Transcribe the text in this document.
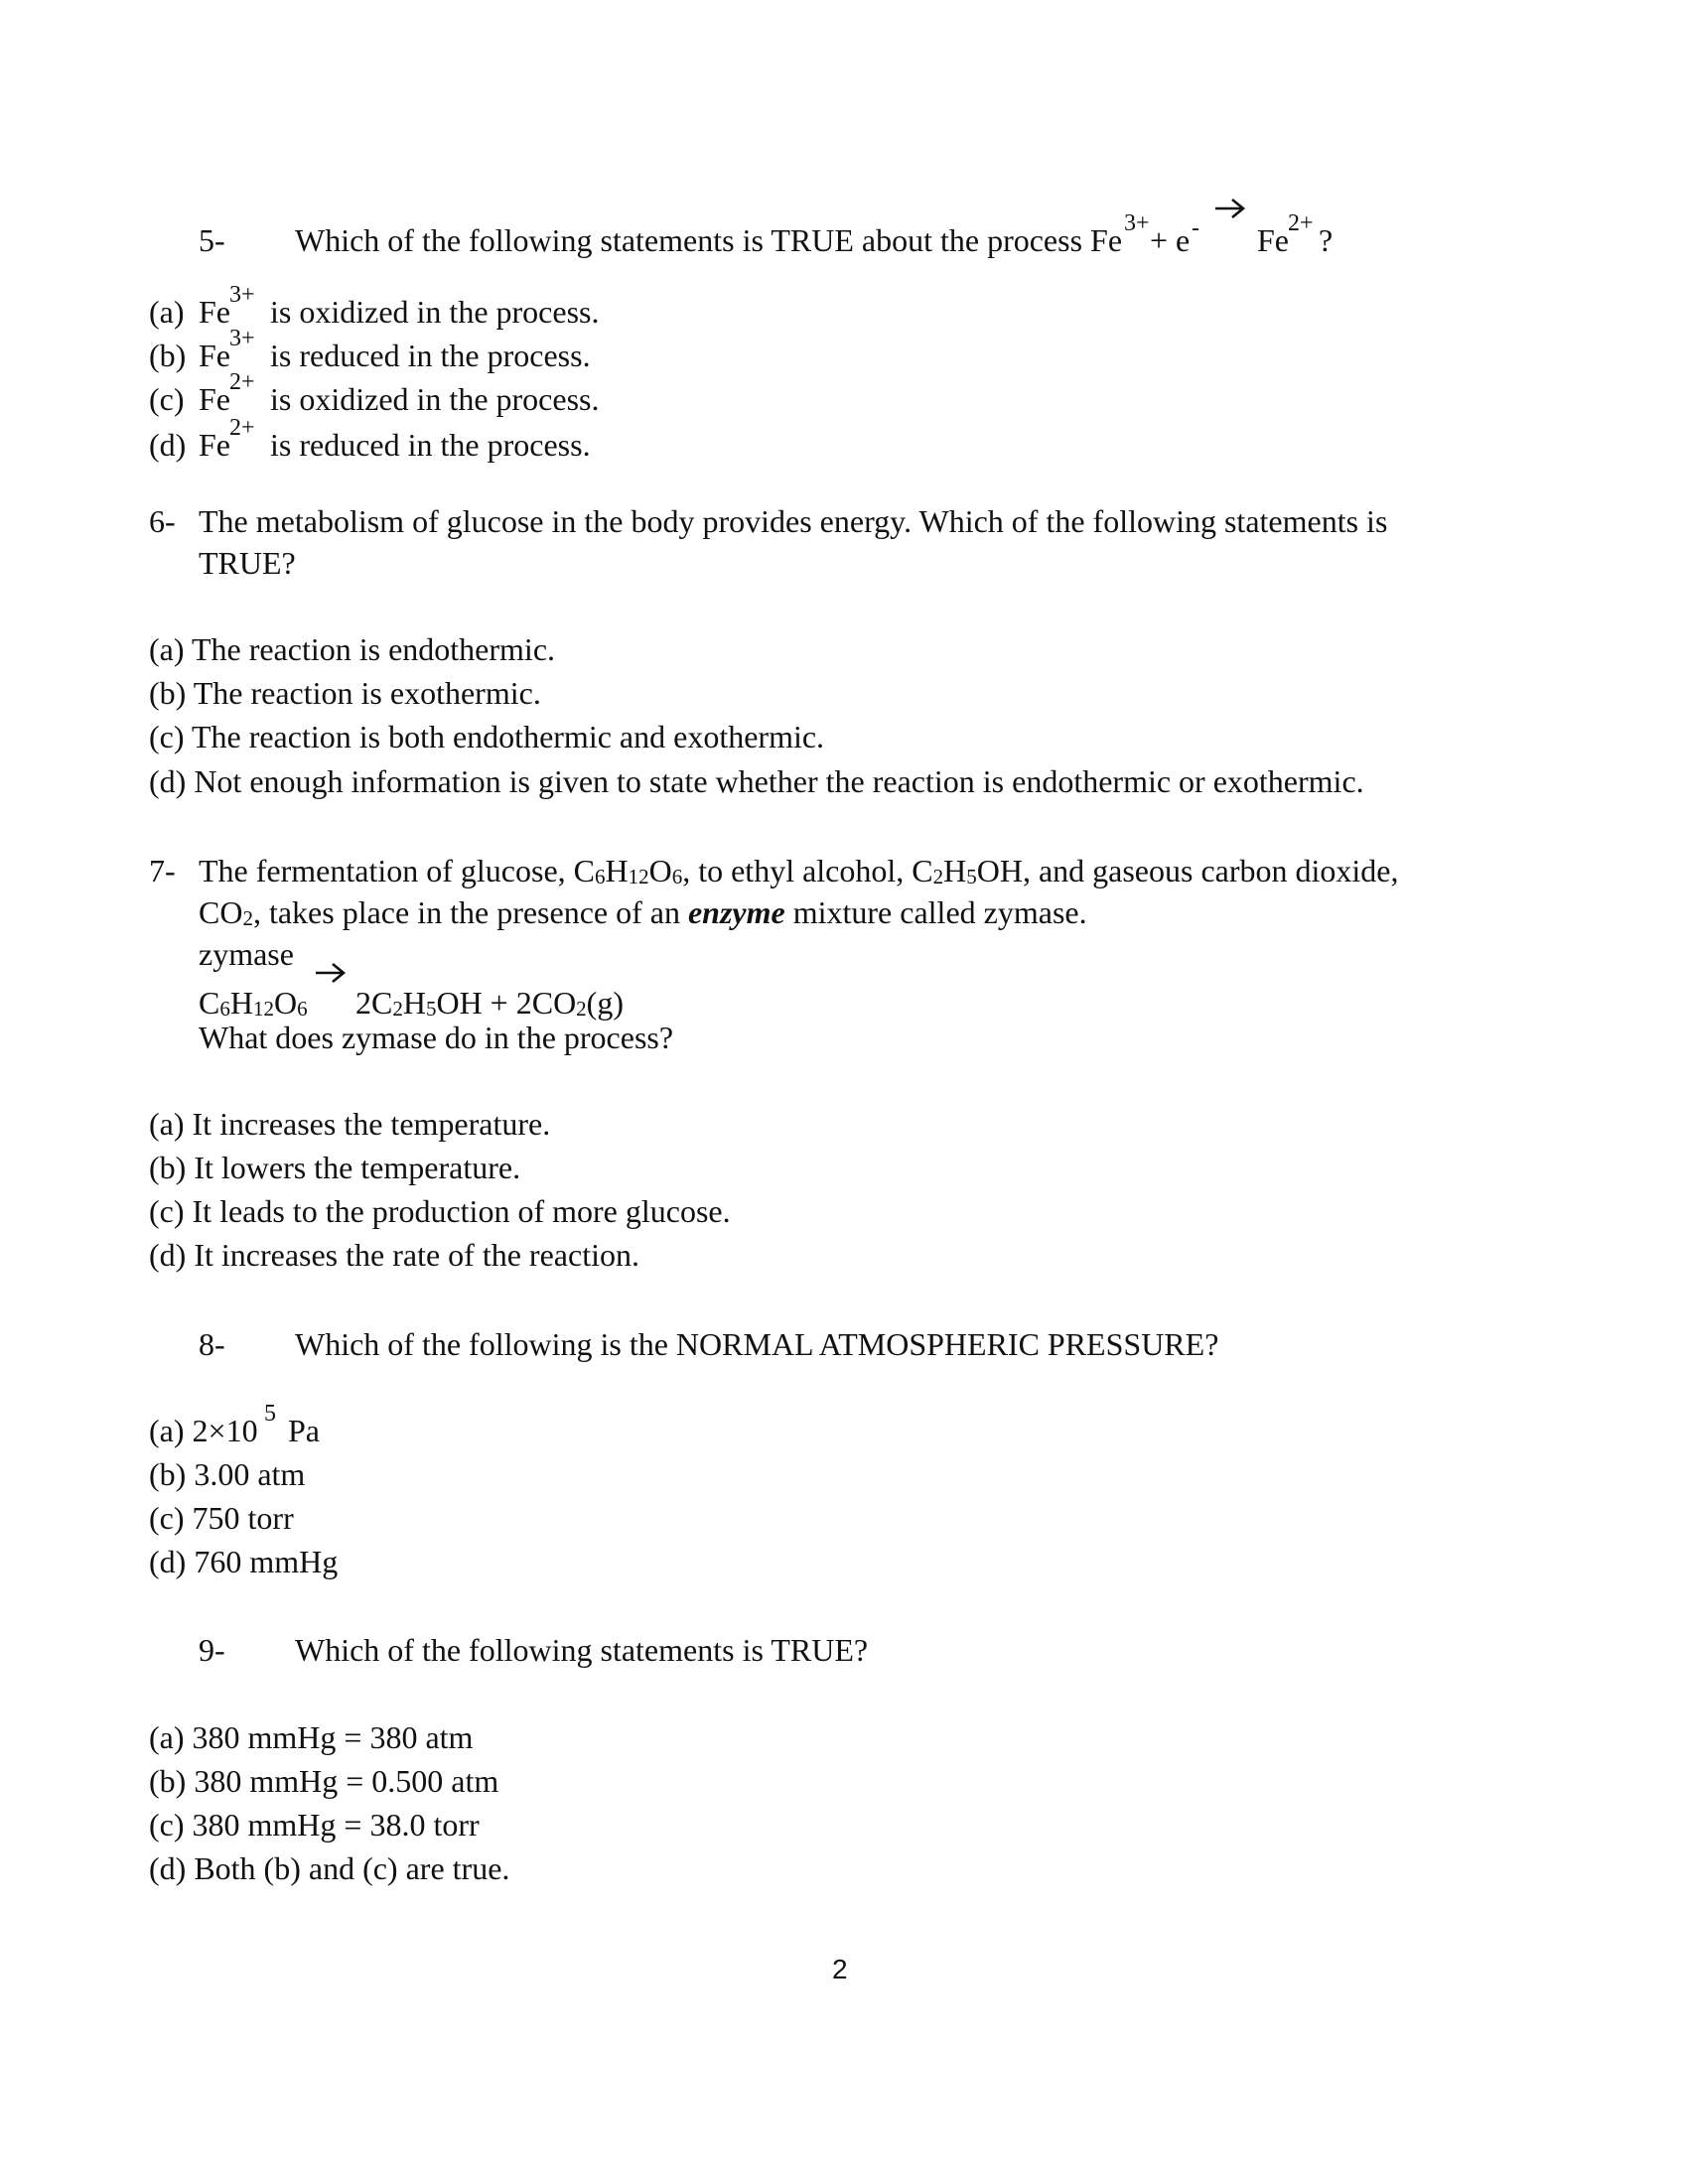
5- Which of the following statements is TRUE about the process Fe 3+ + e - Fe 2+ ?
(a) Fe 3+ is oxidized in the process.
(b) Fe 3+ is reduced in the process.
(c) Fe 2+ is oxidized in the process.
(d) Fe 2+ is reduced in the process.
6- The metabolism of glucose in the body provides energy. Which of the following statements is
TRUE?
(a) The reaction is endothermic.
(b) The reaction is exothermic.
(c) The reaction is both endothermic and exothermic.
(d) Not enough information is given to state whether the reaction is endothermic or exothermic.
7- The fermentation of glucose, C6H12O6, to ethyl alcohol, C2H5OH, and gaseous carbon dioxide,
CO2, takes place in the presence of an enzyme mixture called zymase.
zymase
C6H12O6 2C2H5OH + 2CO2(g)
What does zymase do in the process?
(a) It increases the temperature.
(b) It lowers the temperature.
(c) It leads to the production of more glucose.
(d) It increases the rate of the reaction.
8- Which of the following is the NORMAL ATMOSPHERIC PRESSURE?
(a) 2×10 5 Pa
(b) 3.00 atm
(c) 750 torr
(d) 760 mmHg
9- Which of the following statements is TRUE?
(a) 380 mmHg = 380 atm
(b) 380 mmHg = 0.500 atm
(c) 380 mmHg = 38.0 torr
(d) Both (b) and (c) are true.
2
